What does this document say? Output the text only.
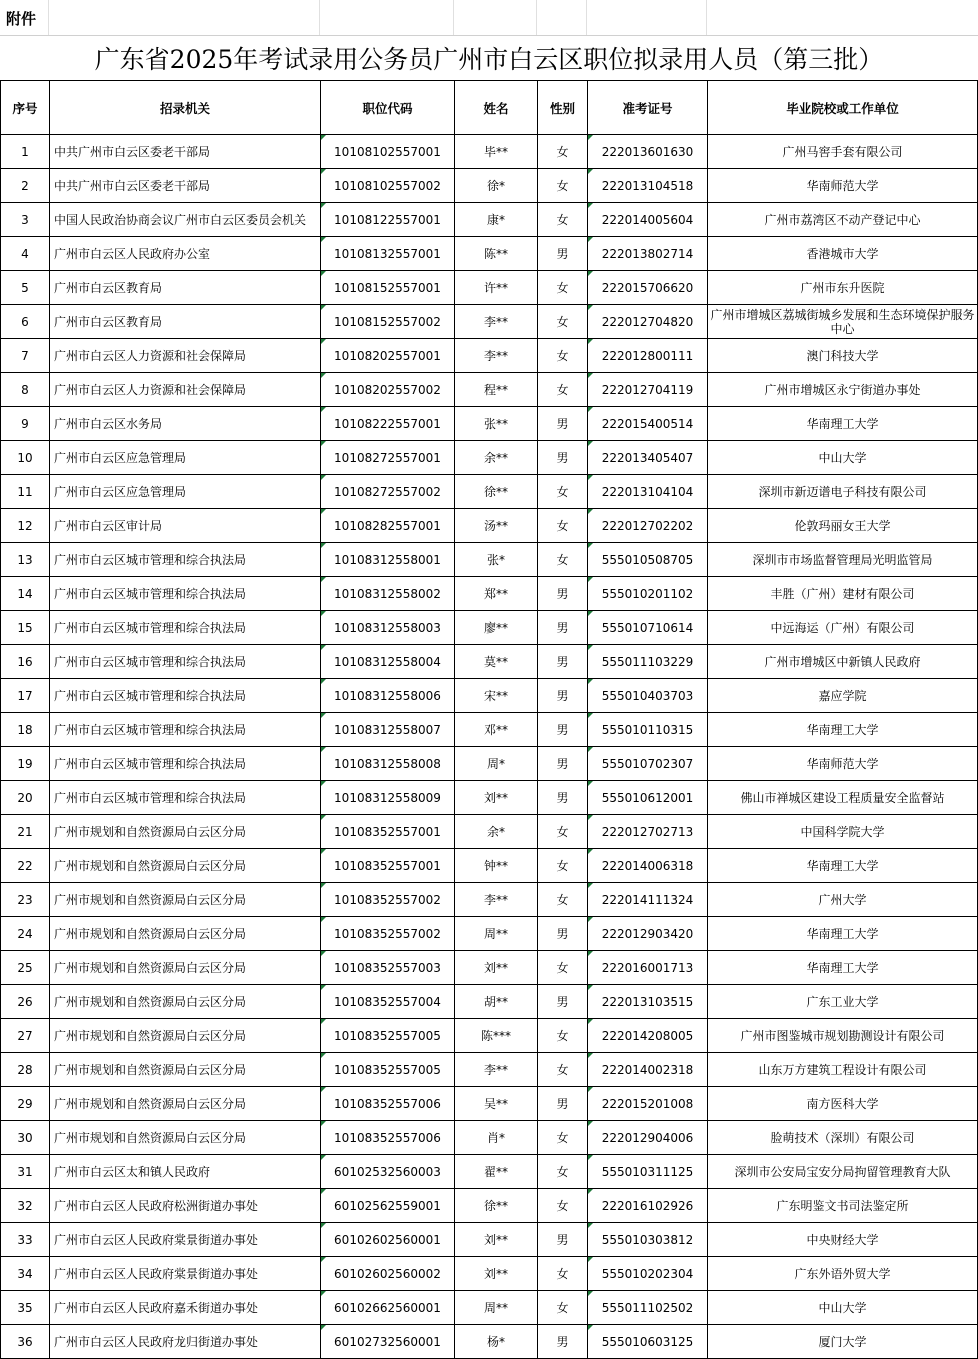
附件
广东省2025年考试录用公务员广州市白云区职位拟录用人员（第三批）
序号	招录机关	职位代码	姓名	性别	准考证号	毕业院校或工作单位
1	中共广州市白云区委老干部局	10108102557001	毕**	女	222013601630	广州马窖手套有限公司
2	中共广州市白云区委老干部局	10108102557002	徐*	女	222013104518	华南师范大学
3	中国人民政治协商会议广州市白云区委员会机关	10108122557001	康*	女	222014005604	广州市荔湾区不动产登记中心
4	广州市白云区人民政府办公室	10108132557001	陈**	男	222013802714	香港城市大学
5	广州市白云区教育局	10108152557001	许**	女	222015706620	广州市东升医院
6	广州市白云区教育局	10108152557002	李**	女	222012704820	广州市增城区荔城街城乡发展和生态环境保护服务中心
7	广州市白云区人力资源和社会保障局	10108202557001	李**	女	222012800111	澳门科技大学
8	广州市白云区人力资源和社会保障局	10108202557002	程**	女	222012704119	广州市增城区永宁街道办事处
9	广州市白云区水务局	10108222557001	张**	男	222015400514	华南理工大学
10	广州市白云区应急管理局	10108272557001	余**	男	222013405407	中山大学
11	广州市白云区应急管理局	10108272557002	徐**	女	222013104104	深圳市新迈谱电子科技有限公司
12	广州市白云区审计局	10108282557001	汤**	女	222012702202	伦敦玛丽女王大学
13	广州市白云区城市管理和综合执法局	10108312558001	张*	女	555010508705	深圳市市场监督管理局光明监管局
14	广州市白云区城市管理和综合执法局	10108312558002	郑**	男	555010201102	丰胜（广州）建材有限公司
15	广州市白云区城市管理和综合执法局	10108312558003	廖**	男	555010710614	中远海运（广州）有限公司
16	广州市白云区城市管理和综合执法局	10108312558004	莫**	男	555011103229	广州市增城区中新镇人民政府
17	广州市白云区城市管理和综合执法局	10108312558006	宋**	男	555010403703	嘉应学院
18	广州市白云区城市管理和综合执法局	10108312558007	邓**	男	555010110315	华南理工大学
19	广州市白云区城市管理和综合执法局	10108312558008	周*	男	555010702307	华南师范大学
20	广州市白云区城市管理和综合执法局	10108312558009	刘**	男	555010612001	佛山市禅城区建设工程质量安全监督站
21	广州市规划和自然资源局白云区分局	10108352557001	余*	女	222012702713	中国科学院大学
22	广州市规划和自然资源局白云区分局	10108352557001	钟**	女	222014006318	华南理工大学
23	广州市规划和自然资源局白云区分局	10108352557002	李**	女	222014111324	广州大学
24	广州市规划和自然资源局白云区分局	10108352557002	周**	男	222012903420	华南理工大学
25	广州市规划和自然资源局白云区分局	10108352557003	刘**	女	222016001713	华南理工大学
26	广州市规划和自然资源局白云区分局	10108352557004	胡**	男	222013103515	广东工业大学
27	广州市规划和自然资源局白云区分局	10108352557005	陈***	女	222014208005	广州市图鉴城市规划勘测设计有限公司
28	广州市规划和自然资源局白云区分局	10108352557005	李**	女	222014002318	山东万方建筑工程设计有限公司
29	广州市规划和自然资源局白云区分局	10108352557006	吴**	男	222015201008	南方医科大学
30	广州市规划和自然资源局白云区分局	10108352557006	肖*	女	222012904006	脸萌技术（深圳）有限公司
31	广州市白云区太和镇人民政府	60102532560003	翟**	女	555010311125	深圳市公安局宝安分局拘留管理教育大队
32	广州市白云区人民政府松洲街道办事处	60102562559001	徐**	女	222016102926	广东明鉴文书司法鉴定所
33	广州市白云区人民政府棠景街道办事处	60102602560001	刘**	男	555010303812	中央财经大学
34	广州市白云区人民政府棠景街道办事处	60102602560002	刘**	女	555010202304	广东外语外贸大学
35	广州市白云区人民政府嘉禾街道办事处	60102662560001	周**	女	555011102502	中山大学
36	广州市白云区人民政府龙归街道办事处	60102732560001	杨*	男	555010603125	厦门大学
